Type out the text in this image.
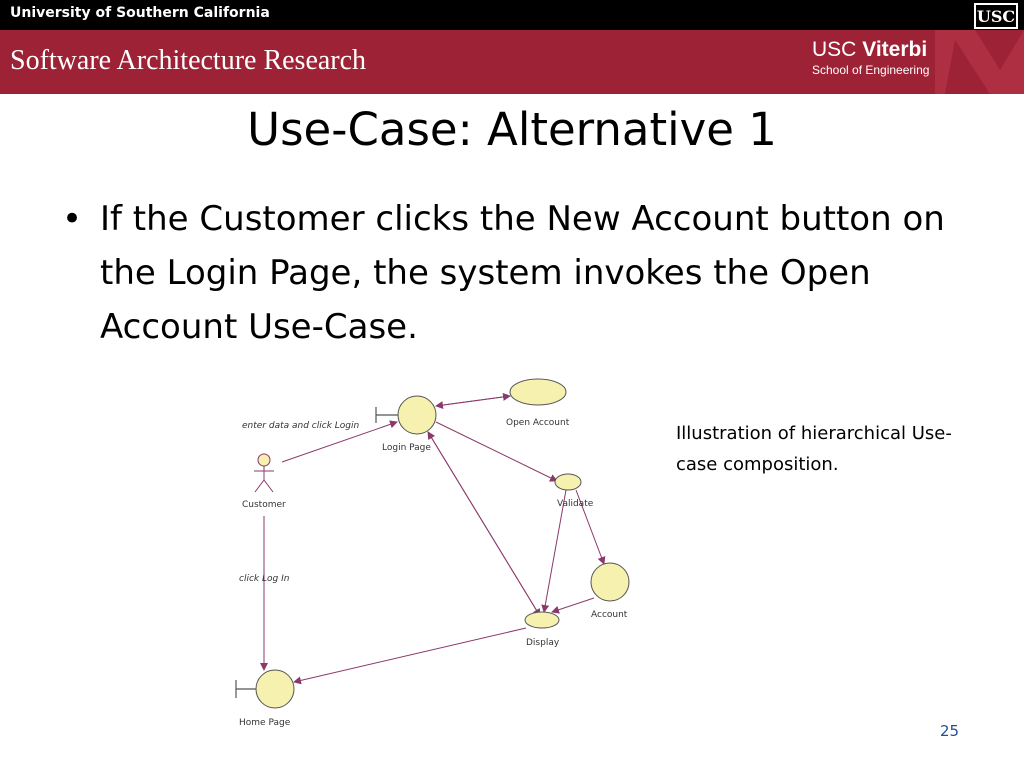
University of Southern California	USC
Software Architecture Research	USC Viterbi
School of Engineering
Use-Case: Alternative 1
• If the Customer clicks the New Account button on the Login Page, the system invokes the Open Account Use-Case.
Illustration of hierarchical Use-case composition.
enter data and click Login
Login Page
Open Account
Validate
Customer
click Log In
Account
Display
Home Page	25
